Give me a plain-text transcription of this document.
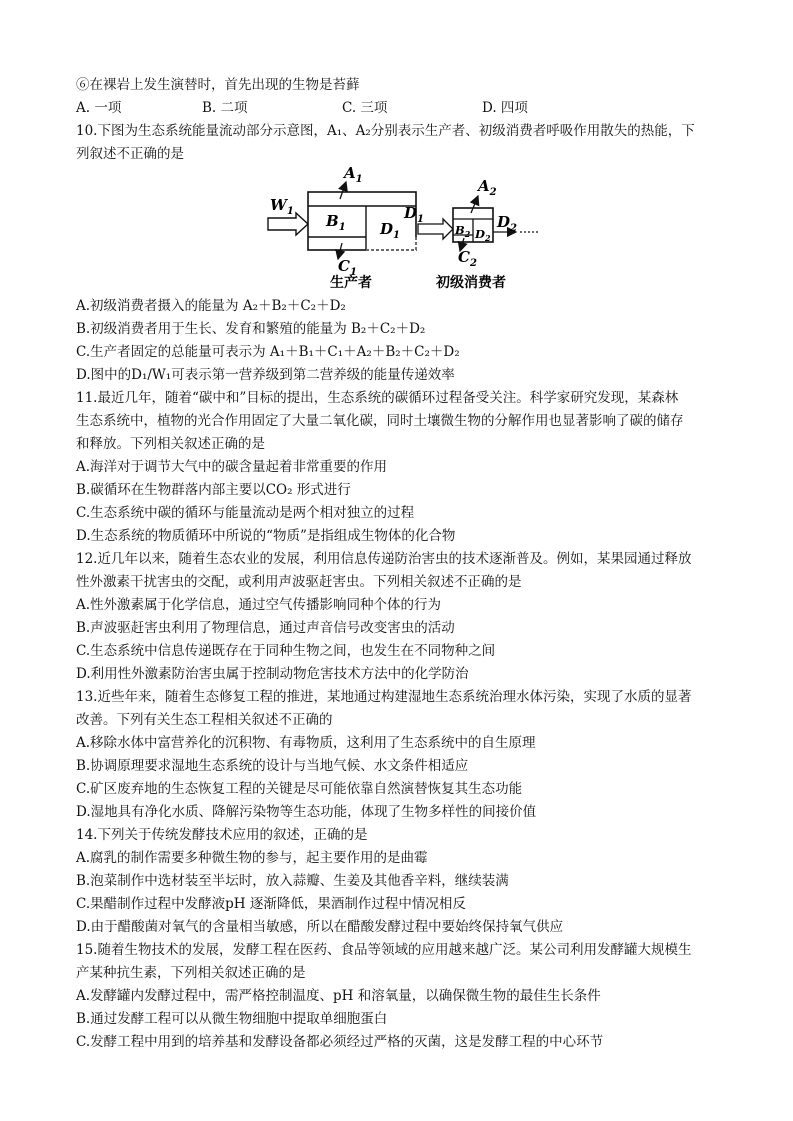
⑥在裸岩上发生演替时，首先出现的生物是苔藓
A. 一项	B. 二项	C. 三项	D. 四项
10.下图为生态系统能量流动部分示意图，A₁、A₂分别表示生产者、初级消费者呼吸作用散失的热能，下
列叙述不正确的是
$W_1$
$B_1$ $D_1$
$A_1$
$C_1$
$D_1$
$B_2$ $D_2$
$A_2$
$D_2$
$C_2$
生产者	初级消费者
A.初级消费者摄入的能量为 A₂＋B₂＋C₂＋D₂
B.初级消费者用于生长、发育和繁殖的能量为 B₂＋C₂＋D₂
C.生产者固定的总能量可表示为 A₁＋B₁＋C₁＋A₂＋B₂＋C₂＋D₂
D.图中的D₁/W₁可表示第一营养级到第二营养级的能量传递效率
11.最近几年，随着“碳中和”目标的提出，生态系统的碳循环过程备受关注。科学家研究发现，某森林
生态系统中，植物的光合作用固定了大量二氧化碳，同时土壤微生物的分解作用也显著影响了碳的储存
和释放。下列相关叙述正确的是
A.海洋对于调节大气中的碳含量起着非常重要的作用
B.碳循环在生物群落内部主要以CO₂ 形式进行
C.生态系统中碳的循环与能量流动是两个相对独立的过程
D.生态系统的物质循环中所说的“物质”是指组成生物体的化合物
12.近几年以来，随着生态农业的发展，利用信息传递防治害虫的技术逐渐普及。例如，某果园通过释放
性外激素干扰害虫的交配，或利用声波驱赶害虫。下列相关叙述不正确的是
A.性外激素属于化学信息，通过空气传播影响同种个体的行为
B.声波驱赶害虫利用了物理信息，通过声音信号改变害虫的活动
C.生态系统中信息传递既存在于同种生物之间，也发生在不同物种之间
D.利用性外激素防治害虫属于控制动物危害技术方法中的化学防治
13.近些年来，随着生态修复工程的推进，某地通过构建湿地生态系统治理水体污染，实现了水质的显著
改善。下列有关生态工程相关叙述不正确的
A.移除水体中富营养化的沉积物、有毒物质，这利用了生态系统中的自生原理
B.协调原理要求湿地生态系统的设计与当地气候、水文条件相适应
C.矿区废弃地的生态恢复工程的关键是尽可能依靠自然演替恢复其生态功能
D.湿地具有净化水质、降解污染物等生态功能，体现了生物多样性的间接价值
14.下列关于传统发酵技术应用的叙述，正确的是
A.腐乳的制作需要多种微生物的参与，起主要作用的是曲霉
B.泡菜制作中选材装至半坛时，放入蒜瓣、生姜及其他香辛料，继续装满
C.果醋制作过程中发酵液pH 逐渐降低，果酒制作过程中情况相反
D.由于醋酸菌对氧气的含量相当敏感，所以在醋酸发酵过程中要始终保持氧气供应
15.随着生物技术的发展，发酵工程在医药、食品等领域的应用越来越广泛。某公司利用发酵罐大规模生
产某种抗生素，下列相关叙述正确的是
A.发酵罐内发酵过程中，需严格控制温度、pH 和溶氧量，以确保微生物的最佳生长条件
B.通过发酵工程可以从微生物细胞中提取单细胞蛋白
C.发酵工程中用到的培养基和发酵设备都必须经过严格的灭菌，这是发酵工程的中心环节
